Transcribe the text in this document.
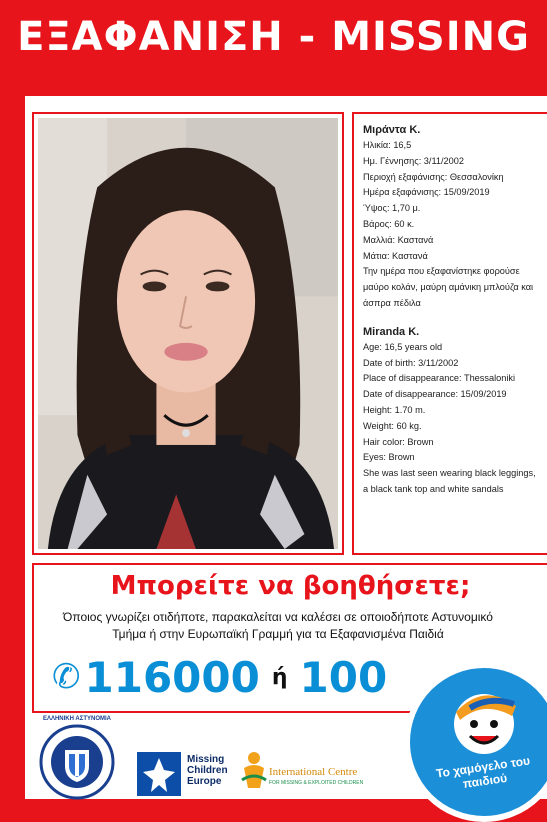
ΕΞΑΦΑΝΙΣΗ - MISSING
Μιράντα Κ.
Ηλικία: 16,5
Ημ. Γέννησης: 3/11/2002
Περιοχή εξαφάνισης: Θεσσαλονίκη
Ημέρα εξαφάνισης: 15/09/2019
Ύψος: 1,70 μ.
Βάρος: 60 κ.
Μαλλιά: Καστανά
Μάτια: Καστανά
Την ημέρα που εξαφανίστηκε φορούσε μαύρο κολάν, μαύρη αμάνικη μπλούζα και άσπρα πέδιλα
Miranda K.
Age: 16,5 years old
Date of birth: 3/11/2002
Place of disappearance: Thessaloniki
Date of disappearance: 15/09/2019
Height: 1.70 m.
Weight: 60 kg.
Hair color: Brown
Eyes: Brown
She was last seen wearing black leggings, a black tank top and white sandals
Μπορείτε να βοηθήσετε;
Όποιος γνωρίζει οτιδήποτε, παρακαλείται να καλέσει σε οποιοδήποτε Αστυνομικό Τμήμα ή στην Ευρωπαϊκή Γραμμή για τα Εξαφανισμένα Παιδιά
✆116000 ή 100
ΕΛΛΗΝΙΚΗ ΑΣΤΥΝΟΜΙΑ
Missing
Children
Europe
International Centre
FOR MISSING & EXPLOITED CHILDREN
Το χαμόγελο του παιδιού
